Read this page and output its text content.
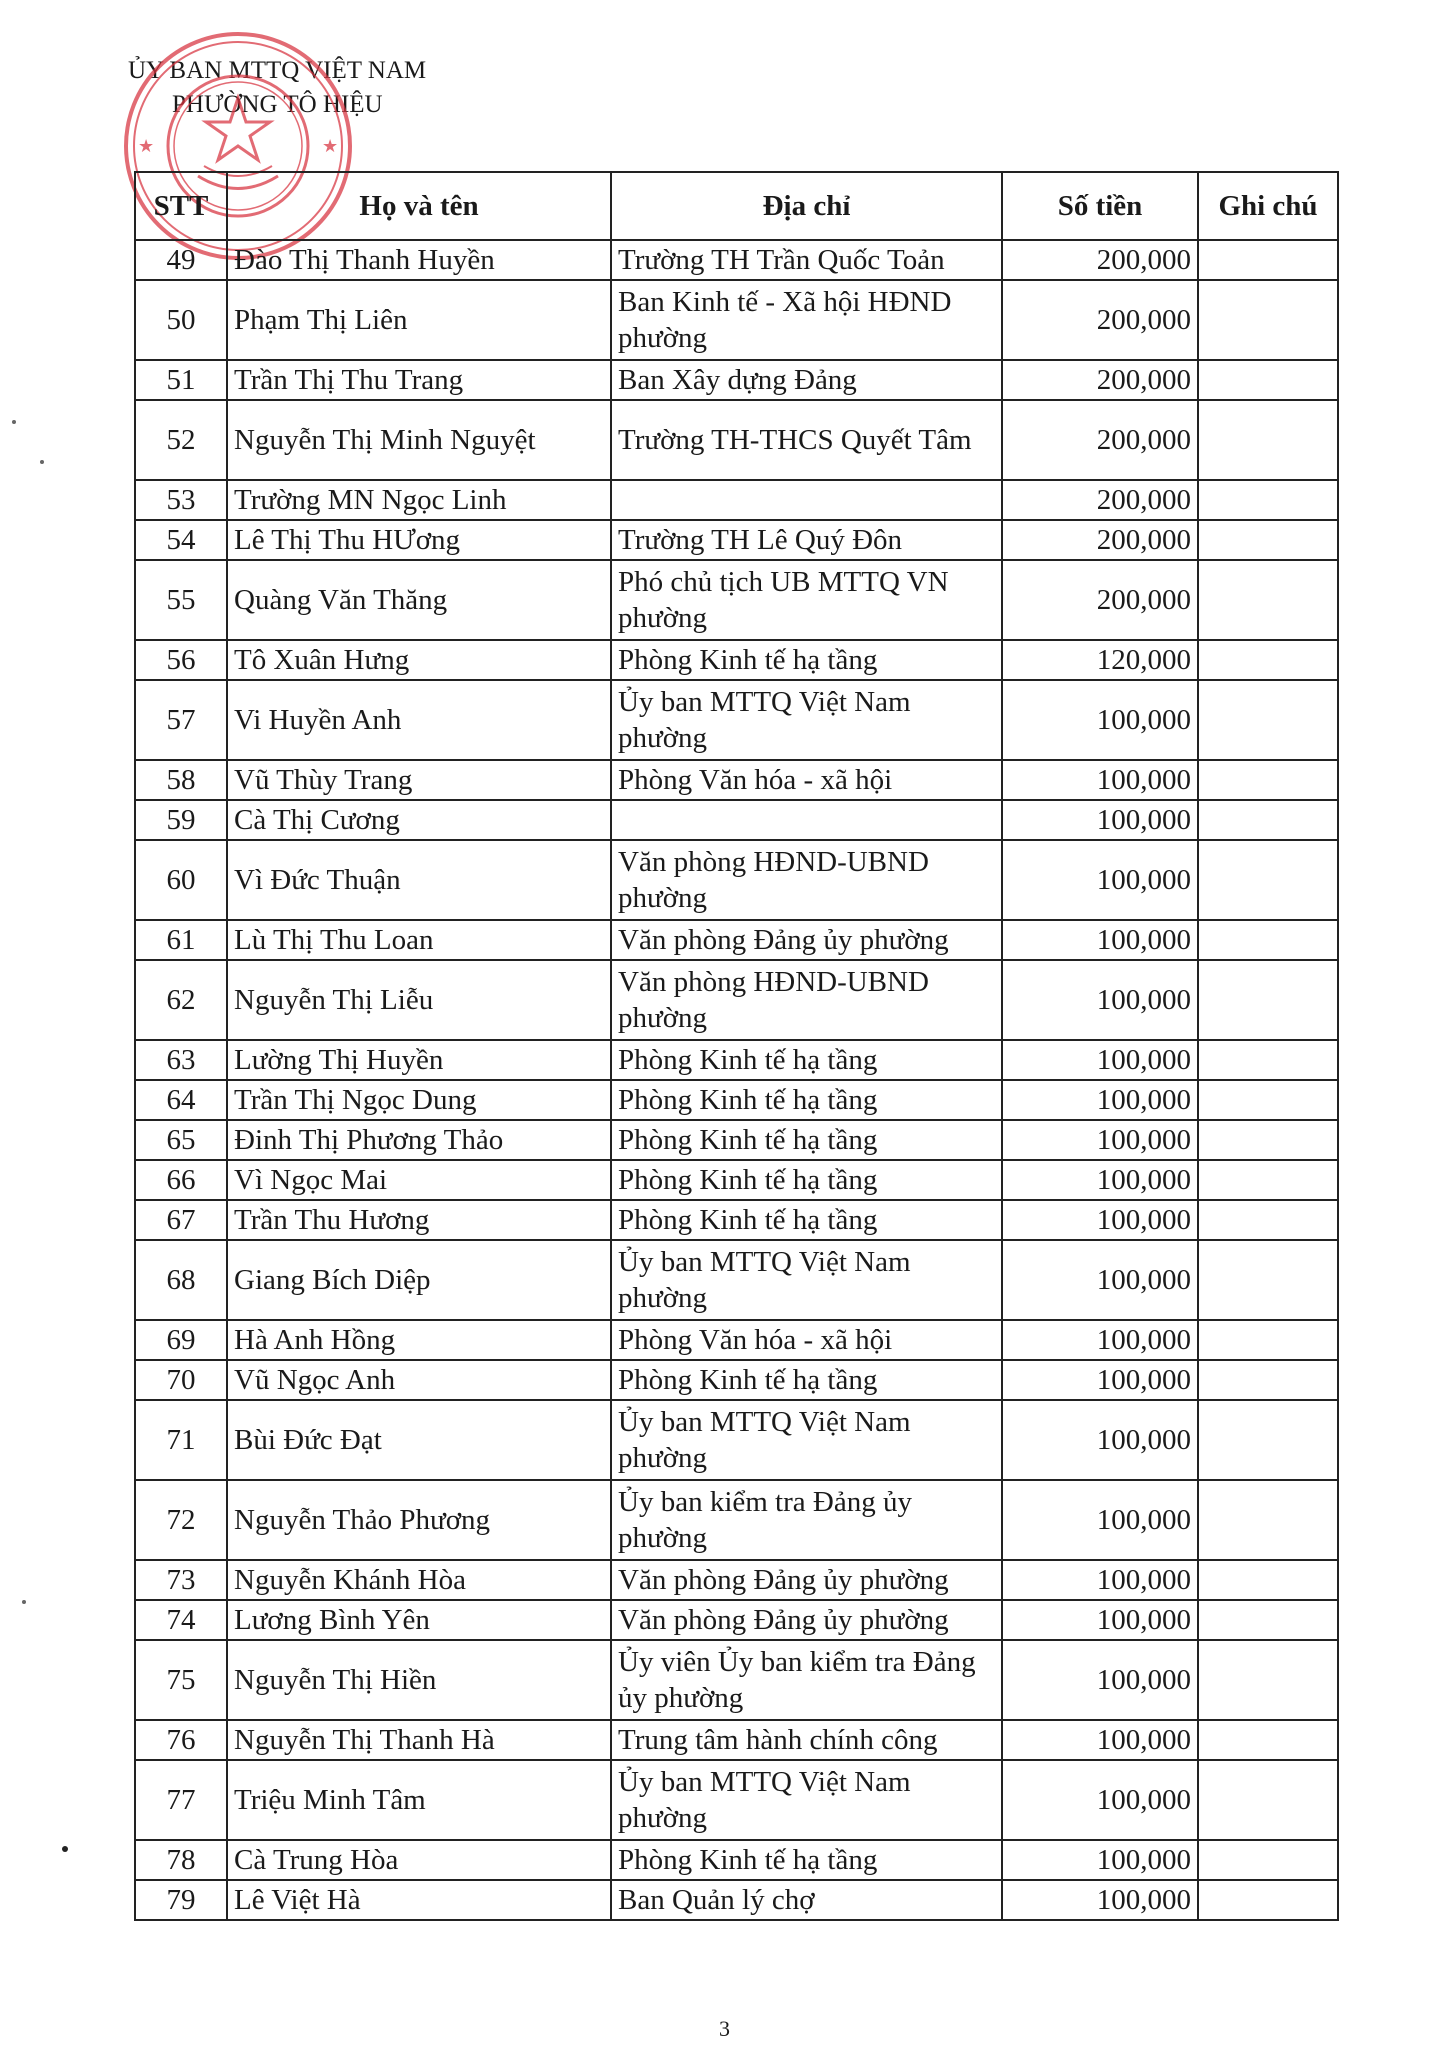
ỦY BAN MTTQ VIỆT NAM
PHƯỜNG TÔ HIỆU
★	★
STT	Họ và tên	Địa chỉ	Số tiền	Ghi chú
49	Đào Thị Thanh Huyền	Trường TH Trần Quốc Toản	200,000	
50	Phạm Thị Liên	Ban Kinh tế - Xã hội HĐND phường	200,000	
51	Trần Thị Thu Trang	Ban Xây dựng Đảng	200,000	
52	Nguyễn Thị Minh Nguyệt	Trường TH-THCS Quyết Tâm	200,000	
53	Trường MN Ngọc Linh		200,000	
54	Lê Thị Thu HƯơng	Trường TH Lê Quý Đôn	200,000	
55	Quàng Văn Thăng	Phó chủ tịch UB MTTQ VN phường	200,000	
56	Tô Xuân Hưng	Phòng Kinh tế hạ tầng	120,000	
57	Vi Huyền Anh	Ủy ban MTTQ Việt Nam phường	100,000	
58	Vũ Thùy Trang	Phòng Văn hóa - xã hội	100,000	
59	Cà Thị Cương		100,000	
60	Vì Đức Thuận	Văn phòng HĐND-UBND phường	100,000	
61	Lù Thị Thu Loan	Văn phòng Đảng ủy phường	100,000	
62	Nguyễn Thị Liễu	Văn phòng HĐND-UBND phường	100,000	
63	Lường Thị Huyền	Phòng Kinh tế hạ tầng	100,000	
64	Trần Thị Ngọc Dung	Phòng Kinh tế hạ tầng	100,000	
65	Đinh Thị Phương Thảo	Phòng Kinh tế hạ tầng	100,000	
66	Vì Ngọc Mai	Phòng Kinh tế hạ tầng	100,000	
67	Trần Thu Hương	Phòng Kinh tế hạ tầng	100,000	
68	Giang Bích Diệp	Ủy ban MTTQ Việt Nam phường	100,000	
69	Hà Anh Hồng	Phòng Văn hóa - xã hội	100,000	
70	Vũ Ngọc Anh	Phòng Kinh tế hạ tầng	100,000	
71	Bùi Đức Đạt	Ủy ban MTTQ Việt Nam phường	100,000	
72	Nguyễn Thảo Phương	Ủy ban kiểm tra Đảng ủy phường	100,000	
73	Nguyễn Khánh Hòa	Văn phòng Đảng ủy phường	100,000	
74	Lương Bình Yên	Văn phòng Đảng ủy phường	100,000	
75	Nguyễn Thị Hiền	Ủy viên Ủy ban kiểm tra Đảng ủy phường	100,000	
76	Nguyễn Thị Thanh Hà	Trung tâm hành chính công	100,000	
77	Triệu Minh Tâm	Ủy ban MTTQ Việt Nam phường	100,000	
78	Cà Trung Hòa	Phòng Kinh tế hạ tầng	100,000	
79	Lê Việt Hà	Ban Quản lý chợ	100,000	
3
